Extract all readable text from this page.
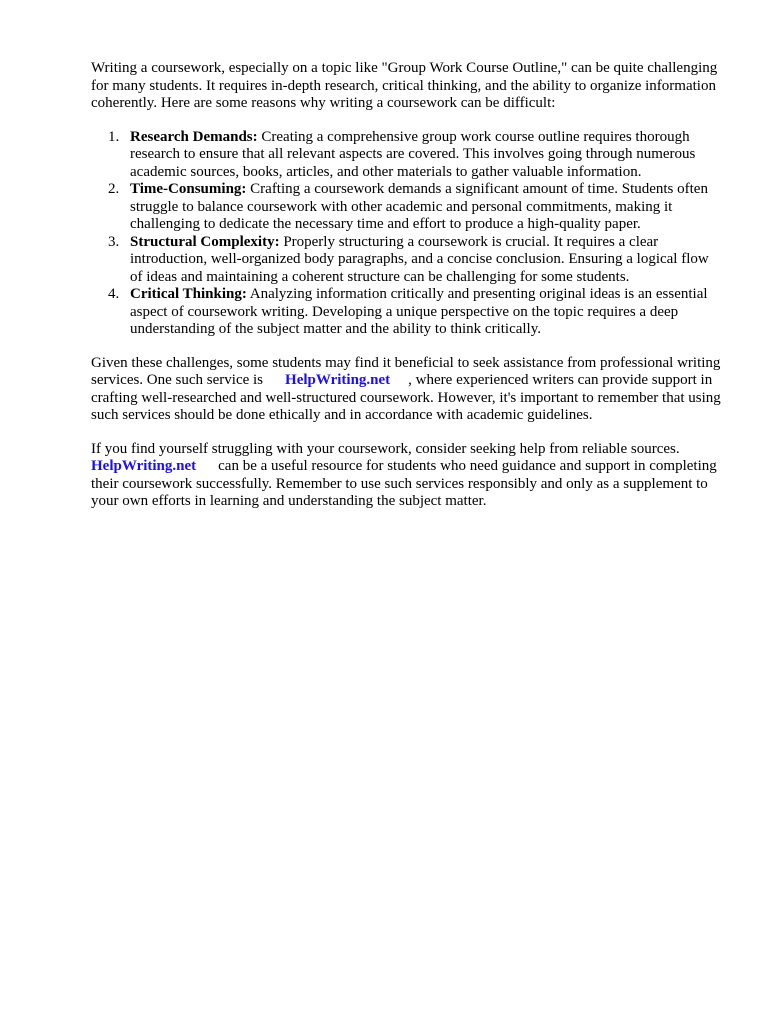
Writing a coursework, especially on a topic like "Group Work Course Outline," can be quite challenging for many students. It requires in-depth research, critical thinking, and the ability to organize information coherently. Here are some reasons why writing a coursework can be difficult:

1. Research Demands: Creating a comprehensive group work course outline requires thorough research to ensure that all relevant aspects are covered. This involves going through numerous academic sources, books, articles, and other materials to gather valuable information.
2. Time-Consuming: Crafting a coursework demands a significant amount of time. Students often struggle to balance coursework with other academic and personal commitments, making it challenging to dedicate the necessary time and effort to produce a high-quality paper.
3. Structural Complexity: Properly structuring a coursework is crucial. It requires a clear introduction, well-organized body paragraphs, and a concise conclusion. Ensuring a logical flow of ideas and maintaining a coherent structure can be challenging for some students.
4. Critical Thinking: Analyzing information critically and presenting original ideas is an essential aspect of coursework writing. Developing a unique perspective on the topic requires a deep understanding of the subject matter and the ability to think critically.

Given these challenges, some students may find it beneficial to seek assistance from professional writing services. One such service is HelpWriting.net , where experienced writers can provide support in crafting well-researched and well-structured coursework. However, it's important to remember that using such services should be done ethically and in accordance with academic guidelines.

If you find yourself struggling with your coursework, consider seeking help from reliable sources. HelpWriting.net can be a useful resource for students who need guidance and support in completing their coursework successfully. Remember to use such services responsibly and only as a supplement to your own efforts in learning and understanding the subject matter.
